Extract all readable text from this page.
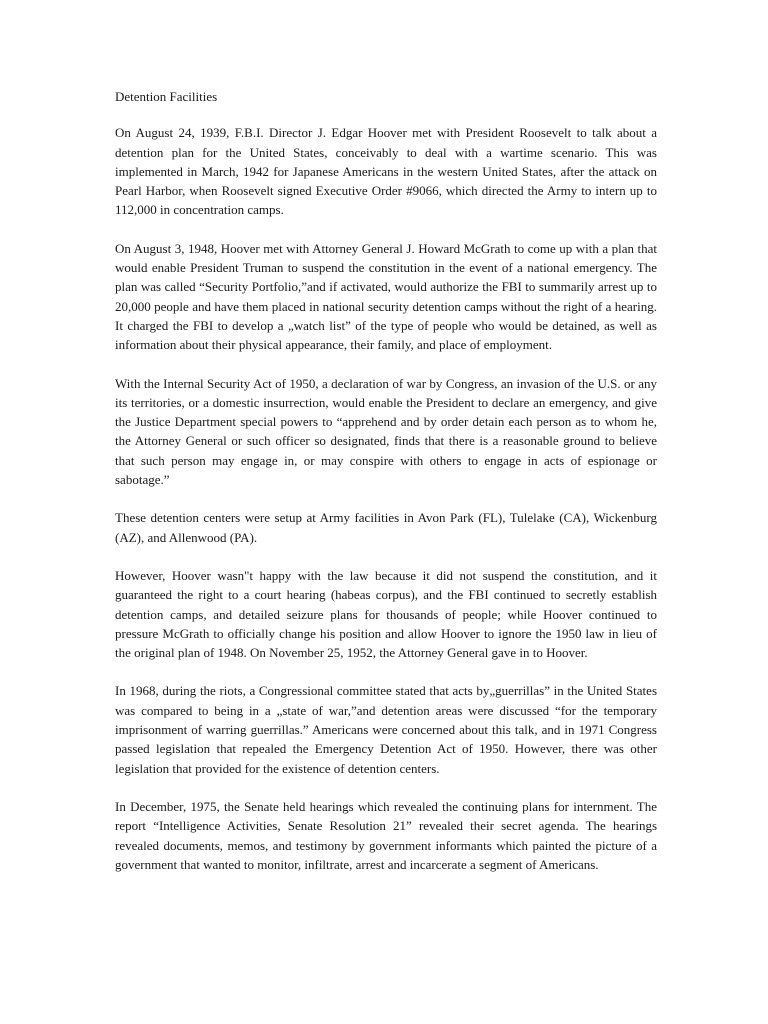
Detention Facilities

On August 24, 1939, F.B.I. Director J. Edgar Hoover met with President Roosevelt to talk about a detention plan for the United States, conceivably to deal with a wartime scenario. This was implemented in March, 1942 for Japanese Americans in the western United States, after the attack on Pearl Harbor, when Roosevelt signed Executive Order #9066, which directed the Army to intern up to 112,000 in concentration camps.

On August 3, 1948, Hoover met with Attorney General J. Howard McGrath to come up with a plan that would enable President Truman to suspend the constitution in the event of a national emergency. The plan was called “Security Portfolio,”and if activated, would authorize the FBI to summarily arrest up to 20,000 people and have them placed in national security detention camps without the right of a hearing. It charged the FBI to develop a „watch list” of the type of people who would be detained, as well as information about their physical appearance, their family, and place of employment.

With the Internal Security Act of 1950, a declaration of war by Congress, an invasion of the U.S. or any its territories, or a domestic insurrection, would enable the President to declare an emergency, and give the Justice Department special powers to “apprehend and by order detain each person as to whom he, the Attorney General or such officer so designated, finds that there is a reasonable ground to believe that such person may engage in, or may conspire with others to engage in acts of espionage or sabotage.”

These detention centers were setup at Army facilities in Avon Park (FL), Tulelake (CA), Wickenburg (AZ), and Allenwood (PA).

However, Hoover wasn"t happy with the law because it did not suspend the constitution, and it guaranteed the right to a court hearing (habeas corpus), and the FBI continued to secretly establish detention camps, and detailed seizure plans for thousands of people; while Hoover continued to pressure McGrath to officially change his position and allow Hoover to ignore the 1950 law in lieu of the original plan of 1948. On November 25, 1952, the Attorney General gave in to Hoover.

In 1968, during the riots, a Congressional committee stated that acts by„guerrillas” in the United States was compared to being in a „state of war,”and detention areas were discussed “for the temporary imprisonment of warring guerrillas.” Americans were concerned about this talk, and in 1971 Congress passed legislation that repealed the Emergency Detention Act of 1950. However, there was other legislation that provided for the existence of detention centers.

In December, 1975, the Senate held hearings which revealed the continuing plans for internment. The report “Intelligence Activities, Senate Resolution 21” revealed their secret agenda. The hearings revealed documents, memos, and testimony by government informants which painted the picture of a government that wanted to monitor, infiltrate, arrest and incarcerate a segment of Americans.
